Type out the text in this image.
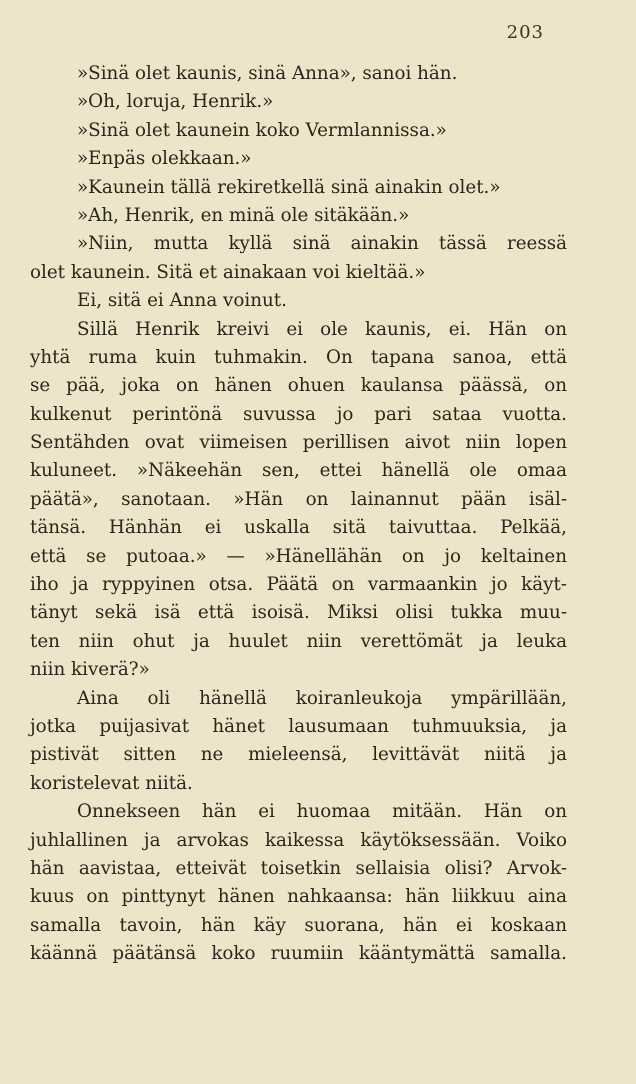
203
»Sinä olet kaunis, sinä Anna», sanoi hän.
»Oh, loruja, Henrik.»
»Sinä olet kaunein koko Vermlannissa.»
»Enpäs olekkaan.»
»Kaunein tällä rekiretkellä sinä ainakin olet.»
»Ah, Henrik, en minä ole sitäkään.»
»Niin, mutta kyllä sinä ainakin tässä reessä
olet kaunein. Sitä et ainakaan voi kieltää.»
Ei, sitä ei Anna voinut.
Sillä Henrik kreivi ei ole kaunis, ei. Hän on
yhtä ruma kuin tuhmakin. On tapana sanoa, että
se pää, joka on hänen ohuen kaulansa päässä, on
kulkenut perintönä suvussa jo pari sataa vuotta.
Sentähden ovat viimeisen perillisen aivot niin lopen
kuluneet. »Näkeehän sen, ettei hänellä ole omaa
päätä», sanotaan. »Hän on lainannut pään isäl-
tänsä. Hänhän ei uskalla sitä taivuttaa. Pelkää,
että se putoaa.» — »Hänellähän on jo keltainen
iho ja ryppyinen otsa. Päätä on varmaankin jo käyt-
tänyt sekä isä että isoisä. Miksi olisi tukka muu-
ten niin ohut ja huulet niin verettömät ja leuka
niin kiverä?»
Aina oli hänellä koiranleukoja ympärillään,
jotka puijasivat hänet lausumaan tuhmuuksia, ja
pistivät sitten ne mieleensä, levittävät niitä ja
koristelevat niitä.
Onnekseen hän ei huomaa mitään. Hän on
juhlallinen ja arvokas kaikessa käytöksessään. Voiko
hän aavistaa, etteivät toisetkin sellaisia olisi? Arvok-
kuus on pinttynyt hänen nahkaansa: hän liikkuu aina
samalla tavoin, hän käy suorana, hän ei koskaan
käännä päätänsä koko ruumiin kääntymättä samalla.
